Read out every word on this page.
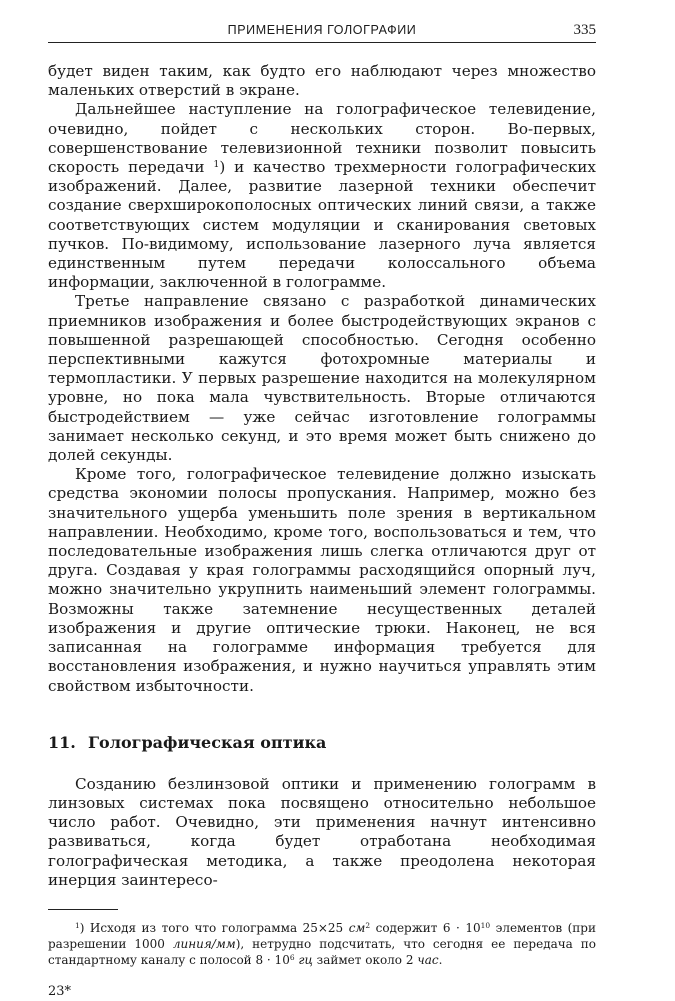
ПРИМЕНЕНИЯ ГОЛОГРАФИИ	335

будет виден таким, как будто его наблюдают через множество маленьких отверстий в экране.

Дальнейшее наступление на голографическое телевидение, очевидно, пойдет с нескольких сторон. Во-первых, совершенствование телевизионной техники позволит повысить скорость передачи $^1$) и качество трехмерности голографических изображений. Далее, развитие лазерной техники обеспечит создание сверхширокополосных оптических линий связи, а также соответствующих систем модуляции и сканирования световых пучков. По-видимому, использование лазерного луча является единственным путем передачи колоссального объема информации, заключенной в голограмме.

Третье направление связано с разработкой динамических приемников изображения и более быстродействующих экранов с повышенной разрешающей способностью. Сегодня особенно перспективными кажутся фотохромные материалы и термопластики. У первых разрешение находится на молекулярном уровне, но пока мала чувствительность. Вторые отличаются быстродействием — уже сейчас изготовление голограммы занимает несколько секунд, и это время может быть снижено до долей секунды.

Кроме того, голографическое телевидение должно изыскать средства экономии полосы пропускания. Например, можно без значительного ущерба уменьшить поле зрения в вертикальном направлении. Необходимо, кроме того, воспользоваться и тем, что последовательные изображения лишь слегка отличаются друг от друга. Создавая у края голограммы расходящийся опорный луч, можно значительно укрупнить наименьший элемент голограммы. Возможны также затемнение несущественных деталей изображения и другие оптические трюки. Наконец, не вся записанная на голограмме информация требуется для восстановления изображения, и нужно научиться управлять этим свойством избыточности.

11. Голографическая оптика

Созданию безлинзовой оптики и применению голограмм в линзовых системах пока посвящено относительно небольшое число работ. Очевидно, эти применения начнут интенсивно развиваться, когда будет отработана необходимая голографическая методика, а также преодолена некоторая инерция заинтересо-

$^1$) Исходя из того что голограмма 25×25 $см^2$ содержит $6 \cdot 10^{10}$ элементов (при разрешении 1000 линия/мм), нетрудно подсчитать, что сегодня ее передача по стандартному каналу с полосой $8 \cdot 10^6$ гц займет около 2 час.

23*
